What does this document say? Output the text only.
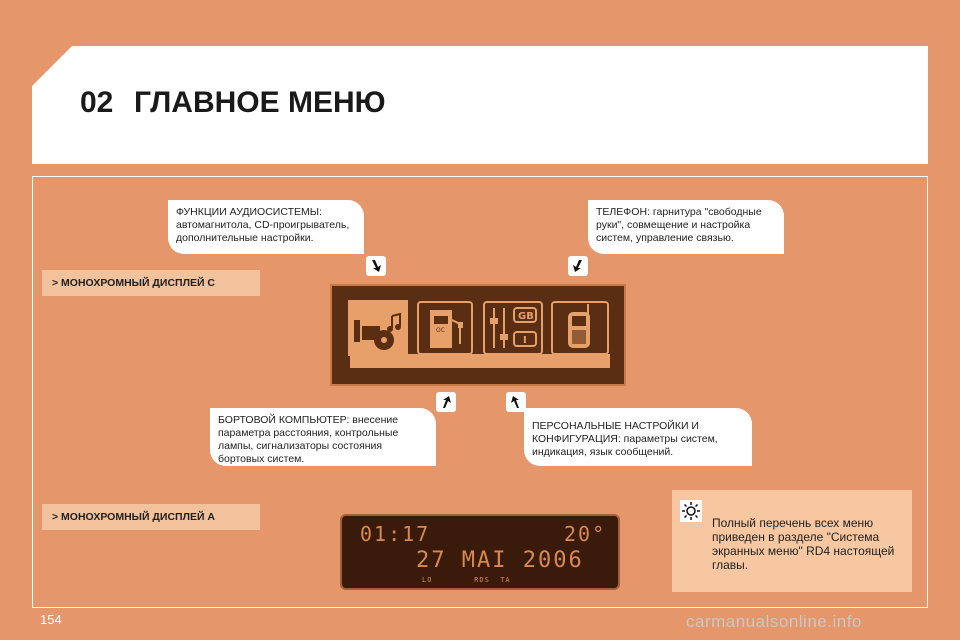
02 ГЛАВНОЕ МЕНЮ
ФУНКЦИИ АУДИОСИСТЕМЫ: автомагнитола, CD-проигрыватель, дополнительные настройки.
ТЕЛЕФОН: гарнитура "свободные руки", совмещение и настройка систем, управление связью.
БОРТОВОЙ КОМПЬЮТЕР: внесение параметра расстояния, контрольные лампы, сигнализаторы состояния бортовых систем.
ПЕРСОНАЛЬНЫЕ НАСТРОЙКИ И КОНФИГУРАЦИЯ: параметры систем, индикация, язык сообщений.
> МОНОХРОМНЫЙ ДИСПЛЕЙ С
> МОНОХРОМНЫЙ ДИСПЛЕЙ А
OC
GB
I
01:17	20°
27 MAI 2006
LO        RDS  TA
Полный перечень всех меню приведен в разделе "Система экранных меню" RD4 настоящей главы.
154	carmanualsonline.info
